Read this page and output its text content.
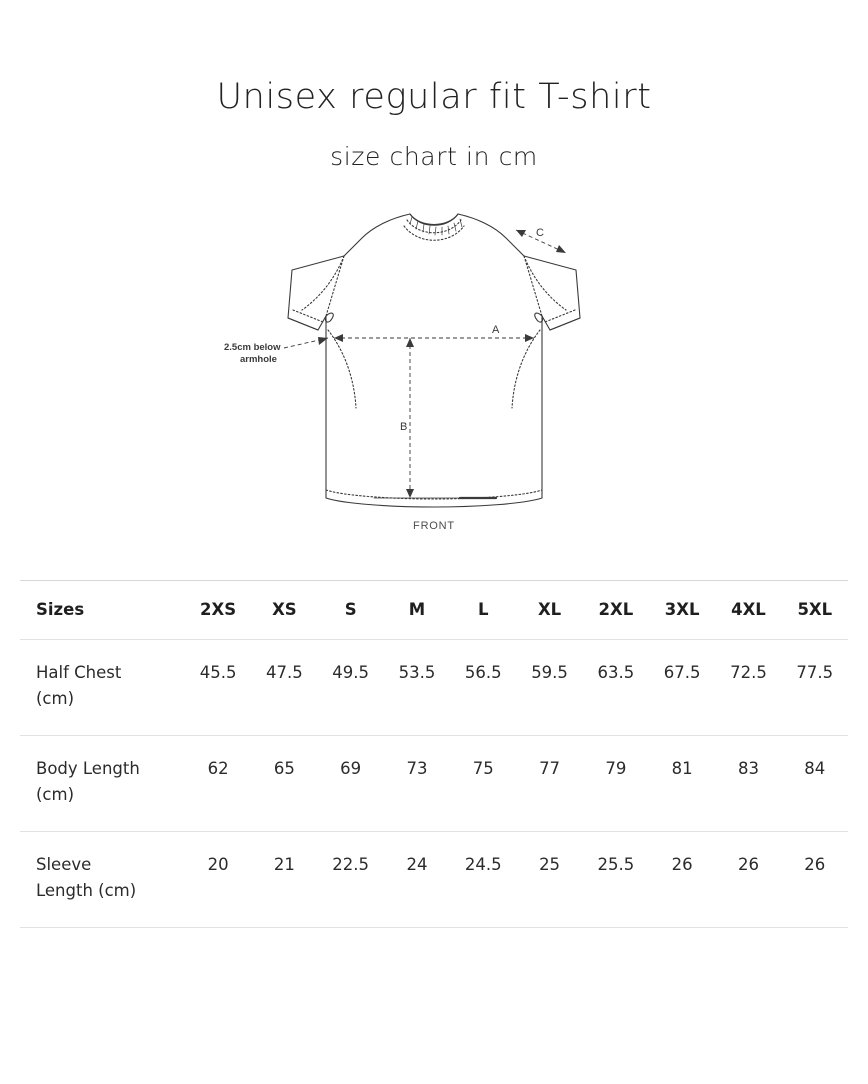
Unisex regular fit T-shirt
size chart in cm
A
B
C
2.5cm below
armhole
FRONT
Sizes	2XS	XS	S	M	L	XL	2XL	3XL	4XL	5XL
Half Chest
(cm)	45.5	47.5	49.5	53.5	56.5	59.5	63.5	67.5	72.5	77.5
Body Length
(cm)	62	65	69	73	75	77	79	81	83	84
Sleeve
Length (cm)	20	21	22.5	24	24.5	25	25.5	26	26	26
